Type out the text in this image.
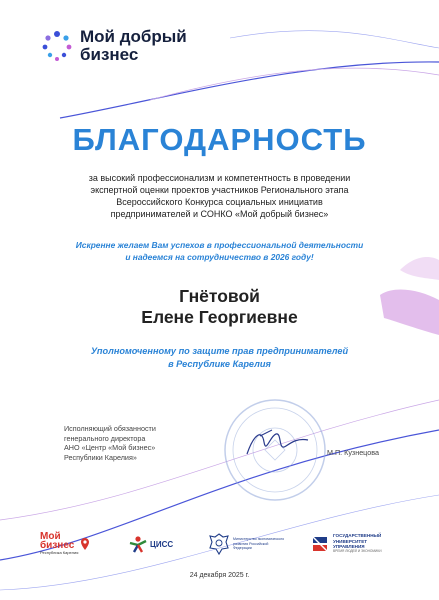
Мой добрый
бизнес
БЛАГОДАРНОСТЬ
за высокий профессионализм и компетентность в проведении
экспертной оценки проектов участников Регионального этапа
Всероссийского Конкурса социальных инициатив
предпринимателей и СОНКО «Мой добрый бизнес»
Искренне желаем Вам успехов в профессиональной деятельности
и надеемся на сотрудничество в 2026 году!
Гнётовой
Елене Георгиевне
Уполномоченному по защите прав предпринимателей
в Республике Карелия
Исполняющий обязанности
генерального директора
АНО «Центр «Мой бизнес»
Республики Карелия»	М.П. Кузнецова
Мой
бизнес
Республика Карелия
ЦИСС
Министерство экономического развития Российской Федерации
ГОСУДАРСТВЕННЫЙ
УНИВЕРСИТЕТ
УПРАВЛЕНИЯ
ВРЕМЯ ЛЮДЕЙ И ЭКОНОМИКИ
24 декабря 2025 г.
